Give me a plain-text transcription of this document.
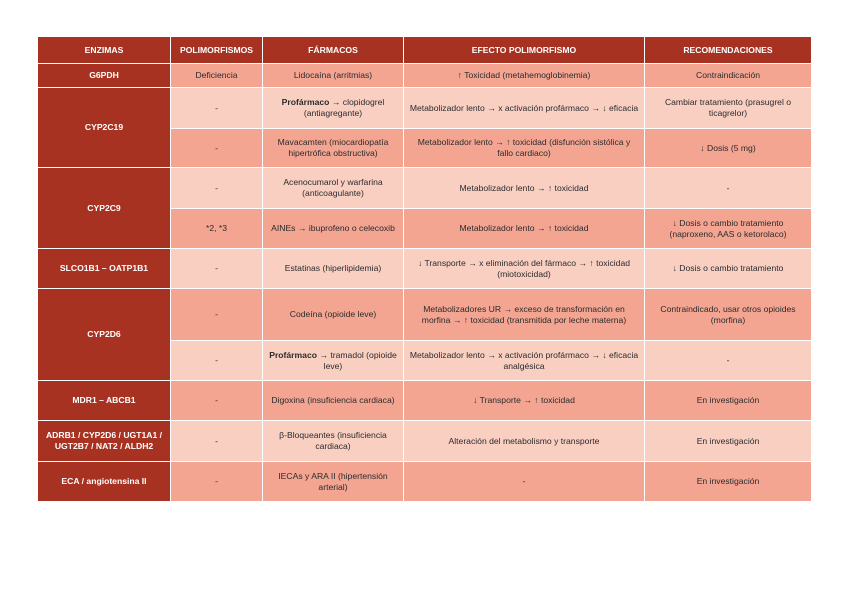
ENZIMAS	POLIMORFISMOS	FÁRMACOS	EFECTO POLIMORFISMO	RECOMENDACIONES
G6PDH	Deficiencia	Lidocaína (arritmias)	↑ Toxicidad (metahemoglobinemia)	Contraindicación
CYP2C19	-	Profármaco → clopidogrel (antiagregante)	Metabolizador lento → x activación profármaco → ↓ eficacia	Cambiar tratamiento (prasugrel o ticagrelor)
	-	Mavacamten (miocardiopatía hipertrófica obstructiva)	Metabolizador lento → ↑ toxicidad (disfunción sistólica y fallo cardiaco)	↓ Dosis (5 mg)
CYP2C9	-	Acenocumarol y warfarina (anticoagulante)	Metabolizador lento → ↑ toxicidad	-
	*2, *3	AINEs → ibuprofeno o celecoxib	Metabolizador lento → ↑ toxicidad	↓ Dosis o cambio tratamiento (naproxeno, AAS o ketorolaco)
SLCO1B1 – OATP1B1	-	Estatinas (hiperlipidemia)	↓ Transporte → x eliminación del fármaco → ↑ toxicidad (miotoxicidad)	↓ Dosis o cambio tratamiento
CYP2D6	-	Codeína (opioide leve)	Metabolizadores UR → exceso de transformación en morfina → ↑ toxicidad (transmitida por leche materna)	Contraindicado, usar otros opioides (morfina)
	-	Profármaco → tramadol (opioide leve)	Metabolizador lento → x activación profármaco → ↓ eficacia analgésica	-
MDR1 – ABCB1	-	Digoxina (insuficiencia cardiaca)	↓ Transporte → ↑ toxicidad	En investigación
ADRB1 / CYP2D6 / UGT1A1 / UGT2B7 / NAT2 / ALDH2	-	β-Bloqueantes (insuficiencia cardiaca)	Alteración del metabolismo y transporte	En investigación
ECA / angiotensina II	-	IECAs y ARA II (hipertensión arterial)	-	En investigación
